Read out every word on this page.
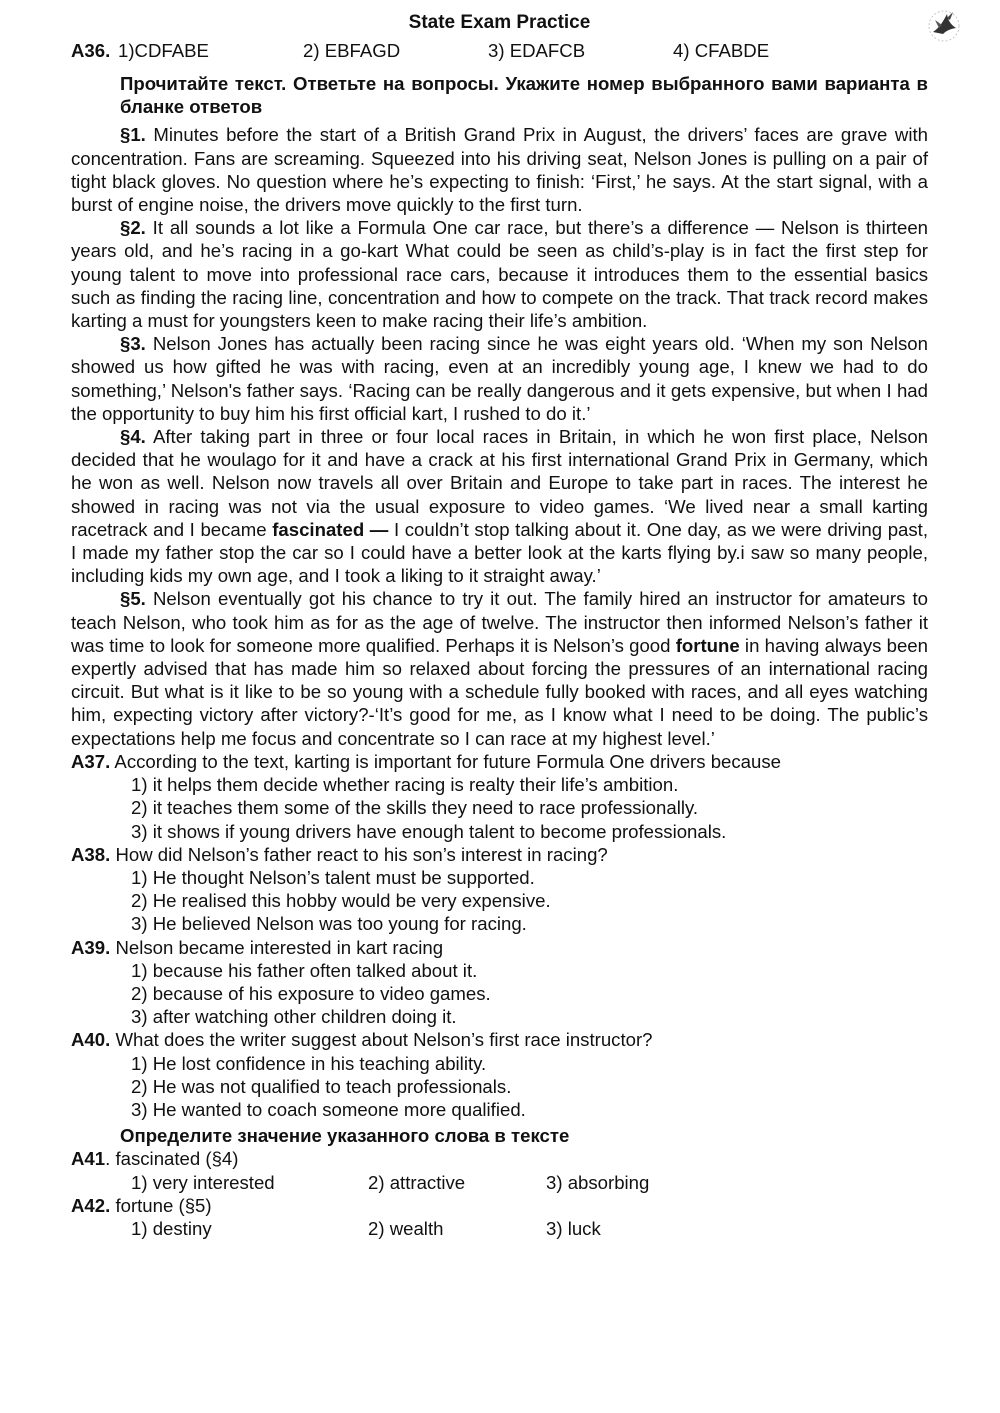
State Exam Practice
A36. 1)CDFABE	2) EBFAGD	3) EDAFCB	4) CFABDE
Прочитайте текст. Ответьте на вопросы. Укажите номер выбранного вами варианта в бланке ответов

§1. Minutes before the start of a British Grand Prix in August, the drivers’ faces are grave with concentration. Fans are screaming. Squeezed into his driving seat, Nelson Jones is pulling on a pair of tight black gloves. No question where he’s expecting to finish: ‘First,’ he says. At the start signal, with a burst of engine noise, the drivers move quickly to the first turn.

§2. It all sounds a lot like a Formula One car race, but there’s a difference — Nelson is thirteen years old, and he’s racing in a go-kart What could be seen as child’s-play is in fact the first step for young talent to move into professional race cars, because it introduces them to the essential basics such as finding the racing line, concentration and how to compete on the track. That track record makes karting a must for youngsters keen to make racing their life’s ambition.

§3. Nelson Jones has actually been racing since he was eight years old. ‘When my son Nelson showed us how gifted he was with racing, even at an incredibly young age, I knew we had to do something,’ Nelson's father says. ‘Racing can be really dangerous and it gets expensive, but when I had the opportunity to buy him his first official kart, I rushed to do it.’

§4. After taking part in three or four local races in Britain, in which he won first place, Nelson decided that he woulago for it and have a crack at his first international Grand Prix in Germany, which he won as well. Nelson now travels all over Britain and Europe to take part in races. The interest he showed in racing was not via the usual exposure to video games. ‘We lived near a small karting racetrack and I became fascinated — I couldn’t stop talking about it. One day, as we were driving past, I made my father stop the car so I could have a better look at the karts flying by.i saw so many people, including kids my own age, and I took a liking to it straight away.’

§5. Nelson eventually got his chance to try it out. The family hired an instructor for amateurs to teach Nelson, who took him as for as the age of twelve. The instructor then informed Nelson’s father it was time to look for someone more qualified. Perhaps it is Nelson’s good fortune in having always been expertly advised that has made him so relaxed about forcing the pressures of an international racing circuit. But what is it like to be so young with a schedule fully booked with races, and all eyes watching him, expecting victory after victory?-‘It’s good for me, as I know what I need to be doing. The public’s expectations help me focus and concentrate so I can race at my highest level.’

A37. According to the text, karting is important for future Formula One drivers because
1) it helps them decide whether racing is realty their life’s ambition.
2) it teaches them some of the skills they need to race professionally.
3) it shows if young drivers have enough talent to become professionals.
A38. How did Nelson’s father react to his son’s interest in racing?
1) He thought Nelson’s talent must be supported.
2) He realised this hobby would be very expensive.
3) He believed Nelson was too young for racing.
A39. Nelson became interested in kart racing
1) because his father often talked about it.
2) because of his exposure to video games.
3) after watching other children doing it.
A40. What does the writer suggest about Nelson’s first race instructor?
1) He lost confidence in his teaching ability.
2) He was not qualified to teach professionals.
3) He wanted to coach someone more qualified.
Определите значение указанного слова в тексте
A41. fascinated (§4)
1) very interested	2) attractive	3) absorbing
A42. fortune (§5)
1) destiny	2) wealth	3) luck
